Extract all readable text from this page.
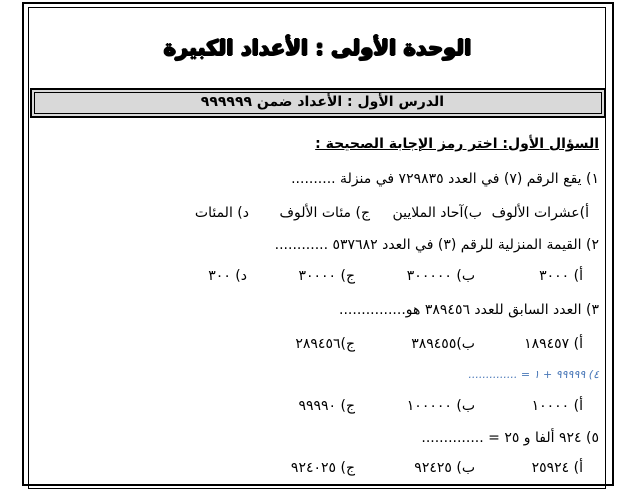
الوحدة الأولى : الأعداد الكبيرة
الدرس الأول : الأعداد ضمن ٩٩٩٩٩٩
السؤال الأول: اختر رمز الإجابة الصحيحة :
١) يقع الرقم (٧) في العدد ٧٢٩٨٣٥ في منزلة ..........
أ)عشرات الألوف
ب)آحاد الملايين
ج) مئات الألوف
د) المئات
٢) القيمة المنزلية للرقم (٣) في العدد ٥٣٧٦٨٢ ............
أ) ٣٠٠٠
ب) ٣٠٠٠٠٠
ج) ٣٠٠٠٠
د) ٣٠٠
٣) العدد السابق للعدد ٣٨٩٤٥٦ هو...............
أ) ١٨٩٤٥٧
ب)٣٨٩٤٥٥
ج)٢٨٩٤٥٦
٤) ٩٩٩٩٩ + ١ = ..............
أ) ١٠٠٠٠
ب) ١٠٠٠٠٠
ج) ٩٩٩٩٠
٥) ٩٢٤ ألفا و ٢٥ = ..............
أ) ٢٥٩٢٤
ب) ٩٢٤٢٥
ج) ٩٢٤٠٢٥
